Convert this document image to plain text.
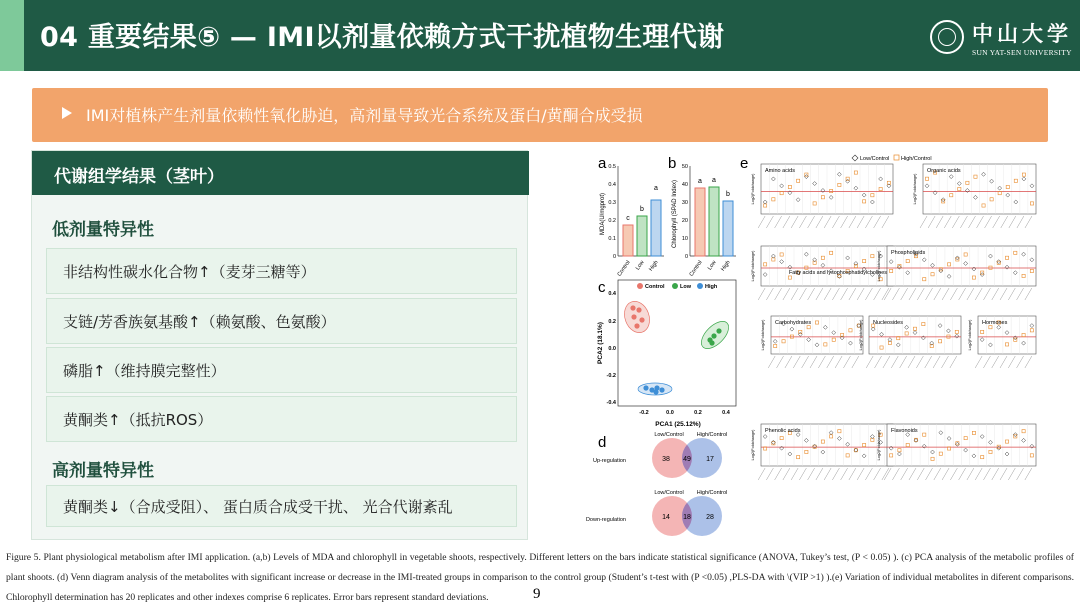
04 重要结果⑤ — IMI以剂量依赖方式干扰植物生理代谢	中山大学
SUN YAT-SEN UNIVERSITY
IMI对植株产生剂量依赖性氧化胁迫，高剂量导致光合系统及蛋白/黄酮合成受损
代谢组学结果（茎叶）
低剂量特异性
非结构性碳水化合物↑（麦芽三糖等）
支链/芳香族氨基酸↑（赖氨酸、色氨酸）
磷脂↑（维持膜完整性）
黄酮类↑（抵抗ROS）
高剂量特异性
黄酮类↓（合成受阻）、 蛋白质合成受干扰、 光合代谢紊乱
a	b
c
d
e
MDA(U/mgprot)
0.5
0.4
0.3
0.2
0.1
0
c
b
a
Control Low High
Chlorophyll (SPAD Index)
50
40
30
20
10
0
a a
b
Control Low High
Control	Low	High
0.4
0.2
0.0
-0.2
-0.4
-0.2	0.0	0.2	0.4
PCA1 (25.12%)
PCA2 (18.1%)
Low/Control High/Control
Up-regulation	38 49 17
Low/Control High/Control
Down-regulation	14 18 28
Low/Control High/Control
Amino acids
Log2(Foldchange)
Organic acids
Log2(Foldchange)
Fatty acids and lysophosphatidylcholines
Log2(Foldchange)	Phospholipids
Log2(Foldchange)
Carbohydrates
Log2(Foldchange)	Nucleosides
Log2(Foldchange)	Hormones
Log2(Foldchange)
Phenolic acids
Log2(Foldchange)	Flavonoids
Log2(Foldchange)
Figure 5. Plant physiological metabolism after IMI application. (a,b) Levels of MDA and chlorophyll in vegetable shoots, respectively. Different letters on the bars indicate statistical significance (ANOVA, Tukey’s test, (P < 0.05) ). (c) PCA analysis of the metabolic profiles of plant shoots. (d) Venn diagram analysis of the metabolites with significant increase or decrease in the IMI-treated groups in comparison to the control group (Student’s t-test with (P <0.05) ,PLS-DA with \(VIP >1) ).(e) Variation of individual metabolites in diferent comparisons. Chlorophyll determination has 20 replicates and other indexes comprise 6 replicates. Error bars represent standard deviations.	9
